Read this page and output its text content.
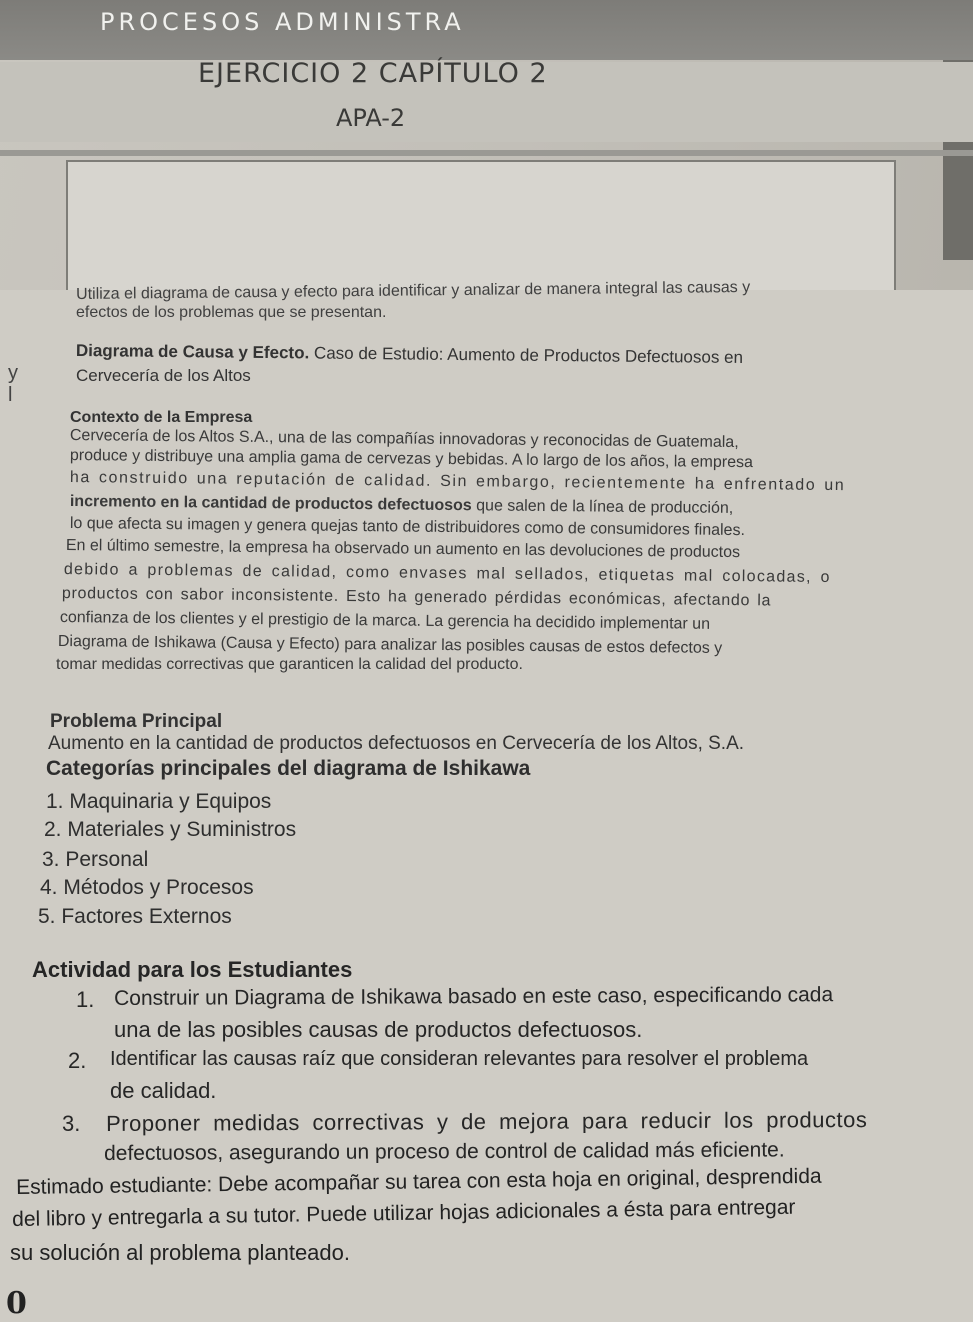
PROCESOS ADMINISTRA
EJERCICIO 2 CAPÍTULO 2
APA-2
Utiliza el diagrama de causa y efecto para identificar y analizar de manera integral las causas y
efectos de los problemas que se presentan.
y
l
Diagrama de Causa y Efecto. Caso de Estudio: Aumento de Productos Defectuosos en
Cervecería de los Altos
Contexto de la Empresa
Cervecería de los Altos S.A., una de las compañías innovadoras y reconocidas de Guatemala,
produce y distribuye una amplia gama de cervezas y bebidas. A lo largo de los años, la empresa
ha construido una reputación de calidad. Sin embargo, recientemente ha enfrentado un
incremento en la cantidad de productos defectuosos que salen de la línea de producción,
lo que afecta su imagen y genera quejas tanto de distribuidores como de consumidores finales.
En el último semestre, la empresa ha observado un aumento en las devoluciones de productos
debido a problemas de calidad, como envases mal sellados, etiquetas mal colocadas, o
productos con sabor inconsistente. Esto ha generado pérdidas económicas, afectando la
confianza de los clientes y el prestigio de la marca. La gerencia ha decidido implementar un
Diagrama de Ishikawa (Causa y Efecto) para analizar las posibles causas de estos defectos y
tomar medidas correctivas que garanticen la calidad del producto.
Problema Principal
Aumento en la cantidad de productos defectuosos en Cervecería de los Altos, S.A.
Categorías principales del diagrama de Ishikawa
1. Maquinaria y Equipos
2. Materiales y Suministros
3. Personal
4. Métodos y Procesos
5. Factores Externos
Actividad para los Estudiantes
1. Construir un Diagrama de Ishikawa basado en este caso, especificando cada
una de las posibles causas de productos defectuosos.
2. Identificar las causas raíz que consideran relevantes para resolver el problema
de calidad.
3. Proponer medidas correctivas y de mejora para reducir los productos
defectuosos, asegurando un proceso de control de calidad más eficiente.
Estimado estudiante: Debe acompañar su tarea con esta hoja en original, desprendida
del libro y entregarla a su tutor. Puede utilizar hojas adicionales a ésta para entregar
su solución al problema planteado.
0
